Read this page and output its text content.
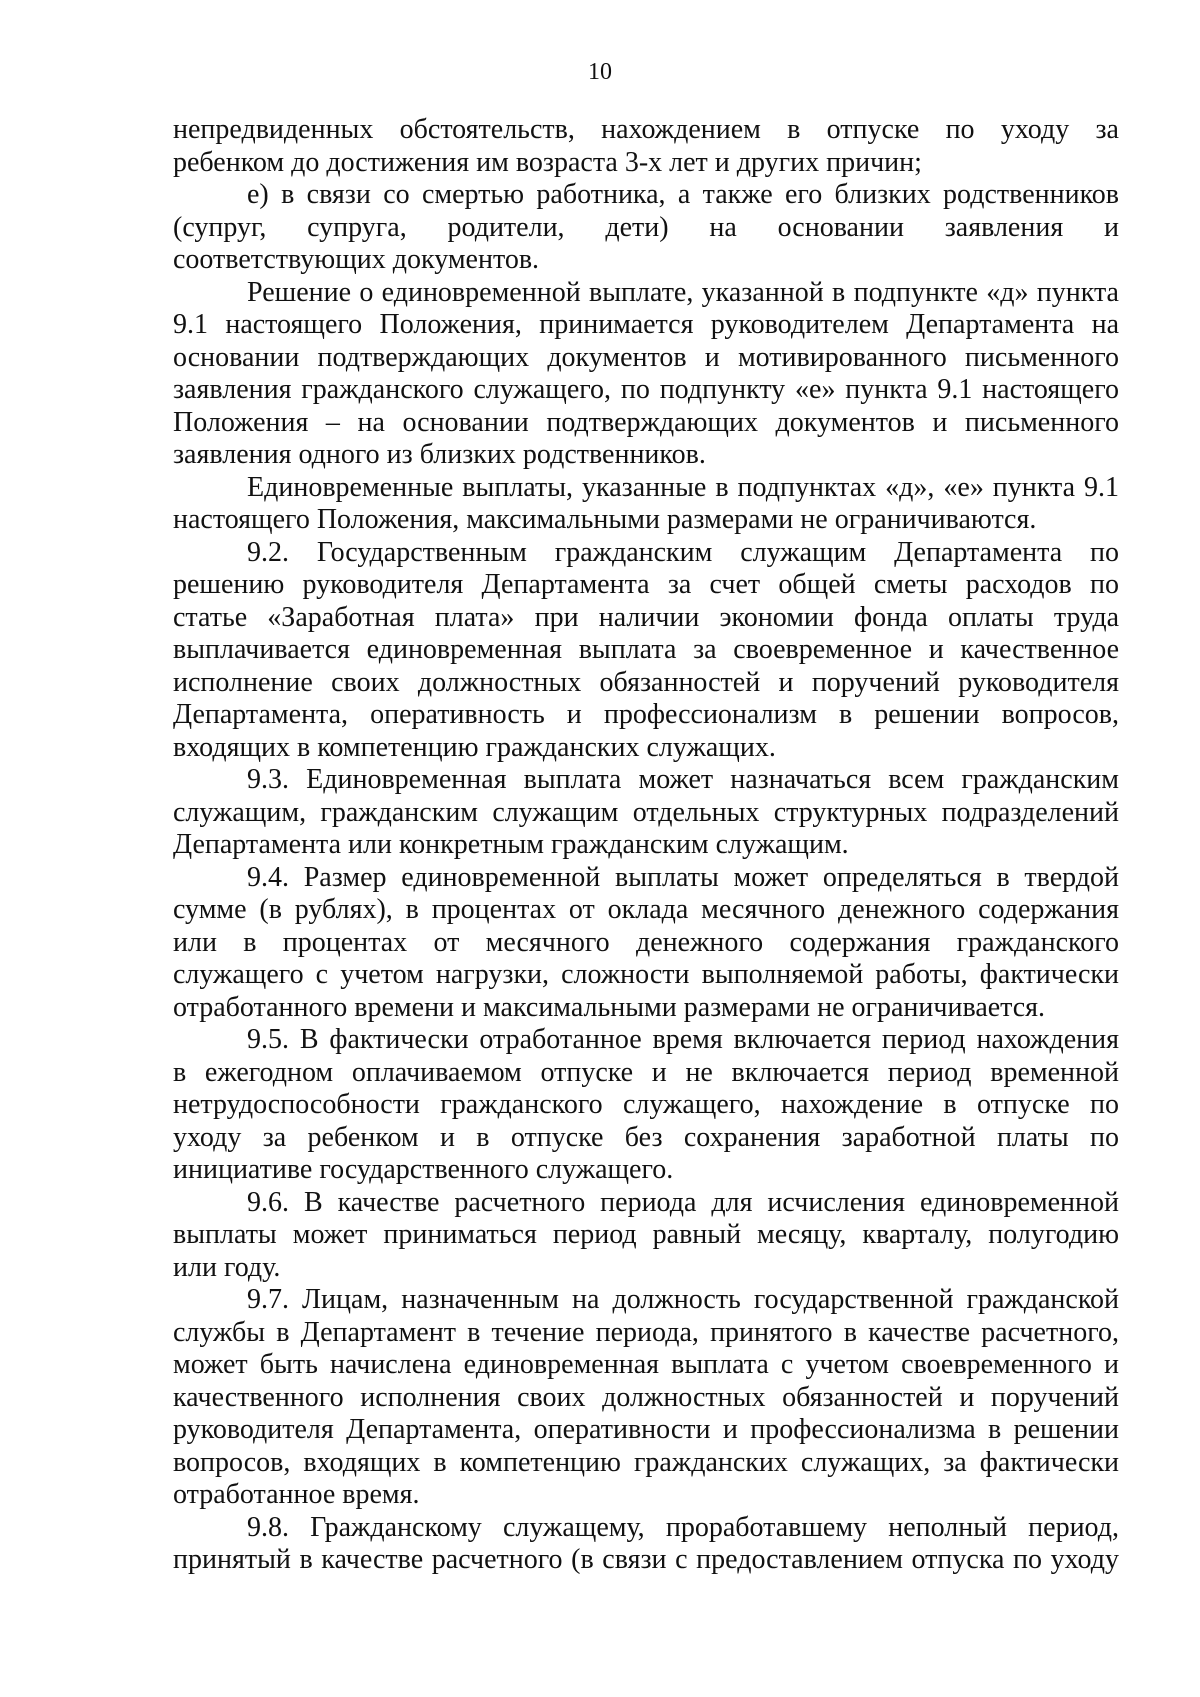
10
непредвиденных обстоятельств, нахождением в отпуске по уходу за
ребенком до достижения им возраста 3-х лет и других причин;
е) в связи со смертью работника, а также его близких родственников
(супруг, супруга, родители, дети) на основании заявления и
соответствующих документов.
Решение о единовременной выплате, указанной в подпункте «д» пункта
9.1 настоящего Положения, принимается руководителем Департамента на
основании подтверждающих документов и мотивированного письменного
заявления гражданского служащего, по подпункту «е» пункта 9.1 настоящего
Положения – на основании подтверждающих документов и письменного
заявления одного из близких родственников.
Единовременные выплаты, указанные в подпунктах «д», «е» пункта 9.1
настоящего Положения, максимальными размерами не ограничиваются.
9.2. Государственным гражданским служащим Департамента по
решению руководителя Департамента за счет общей сметы расходов по
статье «Заработная плата» при наличии экономии фонда оплаты труда
выплачивается единовременная выплата за своевременное и качественное
исполнение своих должностных обязанностей и поручений руководителя
Департамента, оперативность и профессионализм в решении вопросов,
входящих в компетенцию гражданских служащих.
9.3. Единовременная выплата может назначаться всем гражданским
служащим, гражданским служащим отдельных структурных подразделений
Департамента или конкретным гражданским служащим.
9.4. Размер единовременной выплаты может определяться в твердой
сумме (в рублях), в процентах от оклада месячного денежного содержания
или в процентах от месячного денежного содержания гражданского
служащего с учетом нагрузки, сложности выполняемой работы, фактически
отработанного времени и максимальными размерами не ограничивается.
9.5. В фактически отработанное время включается период нахождения
в ежегодном оплачиваемом отпуске и не включается период временной
нетрудоспособности гражданского служащего, нахождение в отпуске по
уходу за ребенком и в отпуске без сохранения заработной платы по
инициативе государственного служащего.
9.6. В качестве расчетного периода для исчисления единовременной
выплаты может приниматься период равный месяцу, кварталу, полугодию
или году.
9.7. Лицам, назначенным на должность государственной гражданской
службы в Департамент в течение периода, принятого в качестве расчетного,
может быть начислена единовременная выплата с учетом своевременного и
качественного исполнения своих должностных обязанностей и поручений
руководителя Департамента, оперативности и профессионализма в решении
вопросов, входящих в компетенцию гражданских служащих, за фактически
отработанное время.
9.8. Гражданскому служащему, проработавшему неполный период,
принятый в качестве расчетного (в связи с предоставлением отпуска по уходу
